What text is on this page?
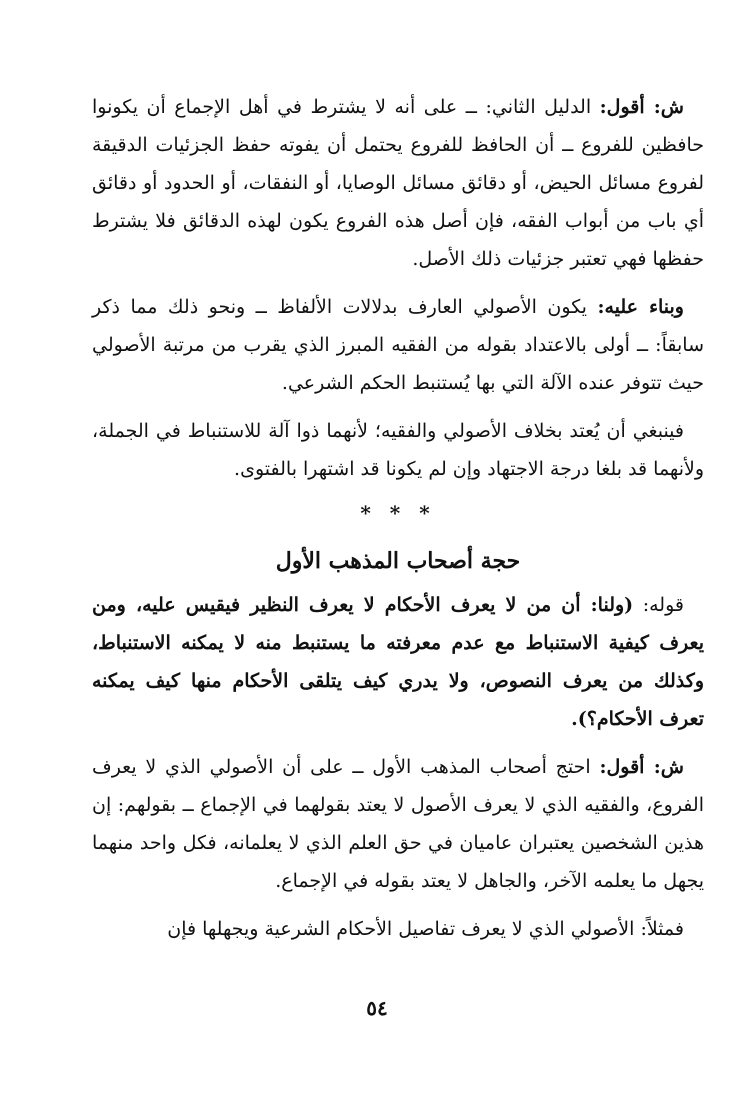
ش: أقول: الدليل الثاني: ــ على أنه لا يشترط في أهل الإجماع أن يكونوا حافظين للفروع ــ أن الحافظ للفروع يحتمل أن يفوته حفظ الجزئيات الدقيقة لفروع مسائل الحيض، أو دقائق مسائل الوصايا، أو النفقات، أو الحدود أو دقائق أي باب من أبواب الفقه، فإن أصل هذه الفروع يكون لهذه الدقائق فلا يشترط حفظها فهي تعتبر جزئيات ذلك الأصل.

وبناء عليه: يكون الأصولي العارف بدلالات الألفاظ ــ ونحو ذلك مما ذكر سابقاً: ــ أولى بالاعتداد بقوله من الفقيه المبرز الذي يقرب من مرتبة الأصولي حيث تتوفر عنده الآلة التي بها يُستنبط الحكم الشرعي.

فينبغي أن يُعتد بخلاف الأصولي والفقيه؛ لأنهما ذوا آلة للاستنباط في الجملة، ولأنهما قد بلغا درجة الاجتهاد وإن لم يكونا قد اشتهرا بالفتوى.

* * *
حجة أصحاب المذهب الأول

قوله: (ولنا: أن من لا يعرف الأحكام لا يعرف النظير فيقيس عليه، ومن يعرف كيفية الاستنباط مع عدم معرفته ما يستنبط منه لا يمكنه الاستنباط، وكذلك من يعرف النصوص، ولا يدري كيف يتلقى الأحكام منها كيف يمكنه تعرف الأحكام؟).

ش: أقول: احتج أصحاب المذهب الأول ــ على أن الأصولي الذي لا يعرف الفروع، والفقيه الذي لا يعرف الأصول لا يعتد بقولهما في الإجماع ــ بقولهم: إن هذين الشخصين يعتبران عاميان في حق العلم الذي لا يعلمانه، فكل واحد منهما يجهل ما يعلمه الآخر، والجاهل لا يعتد بقوله في الإجماع.

فمثلاً: الأصولي الذي لا يعرف تفاصيل الأحكام الشرعية ويجهلها فإن

٥٤
